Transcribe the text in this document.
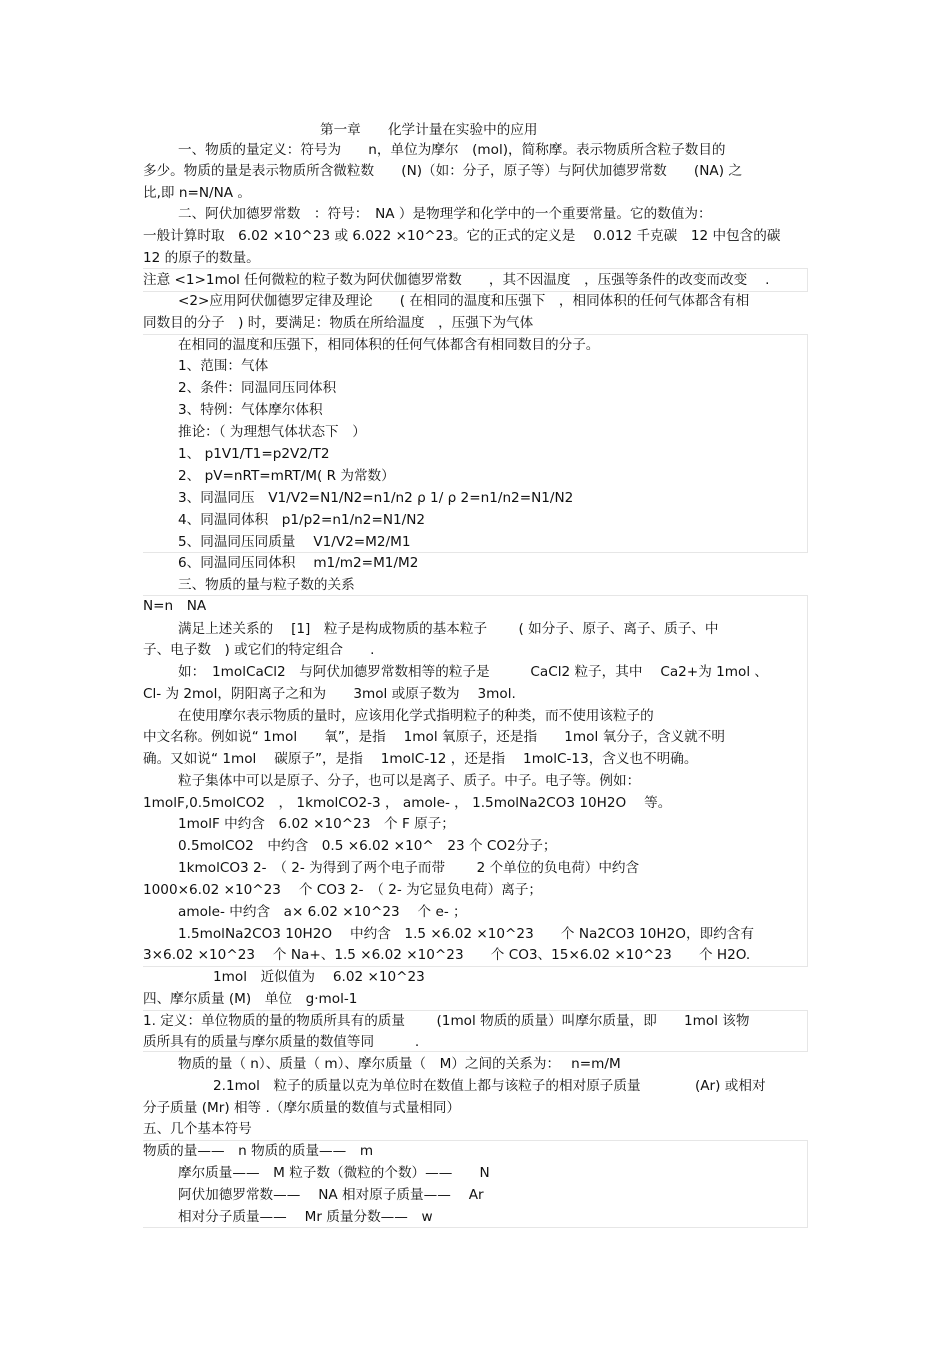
第一章　　化学计量在实验中的应用
一、物质的量定义：符号为　　n，单位为摩尔　(mol)，简称摩。表示物质所含粒子数目的
多少。物质的量是表示物质所含微粒数　　(N)（如：分子，原子等）与阿伏加德罗常数　　(NA) 之
比,即 n=N/NA 。
二、阿伏加德罗常数　：符号：　NA ）是物理学和化学中的一个重要常量。它的数值为：
一般计算时取　6.02 ×10^23 或 6.022 ×10^23。它的正式的定义是　 0.012 千克碳　12 中包含的碳
12 的原子的数量。
注意 <1>1mol 任何微粒的粒子数为阿伏伽德罗常数　　，其不因温度　，压强等条件的改变而改变　 .
<2>应用阿伏伽德罗定律及理论　　( 在相同的温度和压强下　，相同体积的任何气体都含有相
同数目的分子　) 时，要满足：物质在所给温度　，压强下为气体
在相同的温度和压强下，相同体积的任何气体都含有相同数目的分子。
1、范围：气体
2、条件：同温同压同体积
3、特例：气体摩尔体积
推论：（ 为理想气体状态下　）
1、 p1V1/T1=p2V2/T2
2、 pV=nRT=mRT/M( R 为常数）
3、同温同压　V1/V2=N1/N2=n1/n2 ρ 1/ ρ 2=n1/n2=N1/N2
4、同温同体积　p1/p2=n1/n2=N1/N2
5、同温同压同质量　 V1/V2=M2/M1
6、同温同压同体积　 m1/m2=M1/M2
三、物质的量与粒子数的关系
N=n　NA
满足上述关系的　 [1]　粒子是构成物质的基本粒子　　 ( 如分子、原子、离子、质子、中
子、电子数　) 或它们的特定组合　　.
如：　1molCaCl2　与阿伏加德罗常数相等的粒子是　　　CaCl2 粒子，其中　 Ca2+为 1mol 、
Cl- 为 2mol，阴阳离子之和为　　3mol 或原子数为　 3mol.
在使用摩尔表示物质的量时，应该用化学式指明粒子的种类，而不使用该粒子的
中文名称。例如说“ 1mol　　氧”，是指　 1mol 氧原子，还是指　　1mol 氧分子，含义就不明
确。又如说“ 1mol　 碳原子”，是指　 1molC-12 ，还是指　 1molC-13，含义也不明确。
粒子集体中可以是原子、分子，也可以是离子、质子。中子。电子等。例如：
1molF,0.5molCO2　， 1kmolCO2-3 ， amole- ， 1.5molNa2CO3 10H2O　 等。
1molF 中约含　6.02 ×10^23　个 F 原子；
0.5molCO2　中约含　0.5 ×6.02 ×10^　23 个 CO2分子；
1kmolCO3 2-　（ 2- 为得到了两个电子而带　　 2 个单位的负电荷）中约含
1000×6.02 ×10^23　 个 CO3 2-　（ 2- 为它显负电荷）离子；
amole- 中约含　a× 6.02 ×10^23　 个 e- ；
1.5molNa2CO3 10H2O　 中约含　1.5 ×6.02 ×10^23　　个 Na2CO3 10H2O，即约含有
3×6.02 ×10^23　 个 Na+、1.5 ×6.02 ×10^23　　个 CO3、15×6.02 ×10^23　　个 H2O.
1mol　近似值为　 6.02 ×10^23
四、摩尔质量 (M)　单位　g·mol-1
1. 定义：单位物质的量的物质所具有的质量　　 (1mol 物质的质量）叫摩尔质量，即　　1mol 该物
质所具有的质量与摩尔质量的数值等同　　　.
物质的量（ n）、质量（ m）、摩尔质量（　M）之间的关系为：　 n=m/M
2.1mol　粒子的质量以克为单位时在数值上都与该粒子的相对原子质量　　　　(Ar) 或相对
分子质量 (Mr) 相等 .（摩尔质量的数值与式量相同）
五、几个基本符号
物质的量——　n 物质的质量——　m
摩尔质量——　M 粒子数（微粒的个数）——　　N
阿伏加德罗常数——　 NA 相对原子质量——　 Ar
相对分子质量——　 Mr 质量分数——　w
